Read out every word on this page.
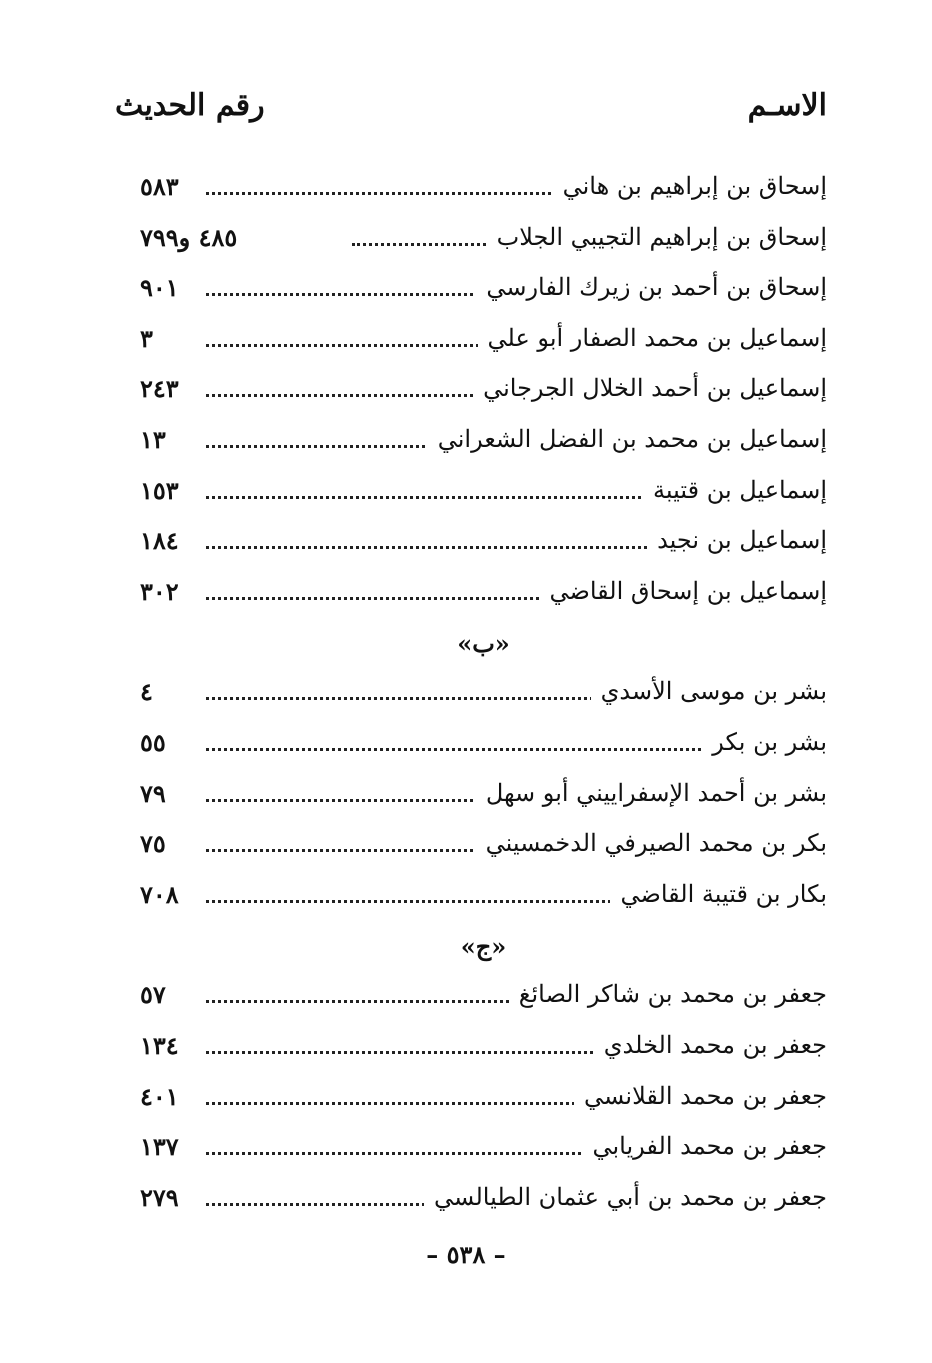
الاسـم
رقم الحديث
إسحاق بن إبراهيم بن هاني
٥٨٣
إسحاق بن إبراهيم التجيبي الجلاب
٤٨٥ و٧٩٩
إسحاق بن أحمد بن زيرك الفارسي
٩٠١
إسماعيل بن محمد الصفار أبو علي
٣
إسماعيل بن أحمد الخلال الجرجاني
٢٤٣
إسماعيل بن محمد بن الفضل الشعراني
١٣
إسماعيل بن قتيبة
١٥٣
إسماعيل بن نجيد
١٨٤
إسماعيل بن إسحاق القاضي
٣٠٢
«ب»
بشر بن موسى الأسدي
٤
بشر بن بكر
٥٥
بشر بن أحمد الإسفراييني أبو سهل
٧٩
بكر بن محمد الصيرفي الدخمسيني
٧٥
بكار بن قتيبة القاضي
٧٠٨
«ج»
جعفر بن محمد بن شاكر الصائغ
٥٧
جعفر بن محمد الخلدي
١٣٤
جعفر بن محمد القلانسي
٤٠١
جعفر بن محمد الفريابي
١٣٧
جعفر بن محمد بن أبي عثمان الطيالسي
٢٧٩
– ٥٣٨ –
